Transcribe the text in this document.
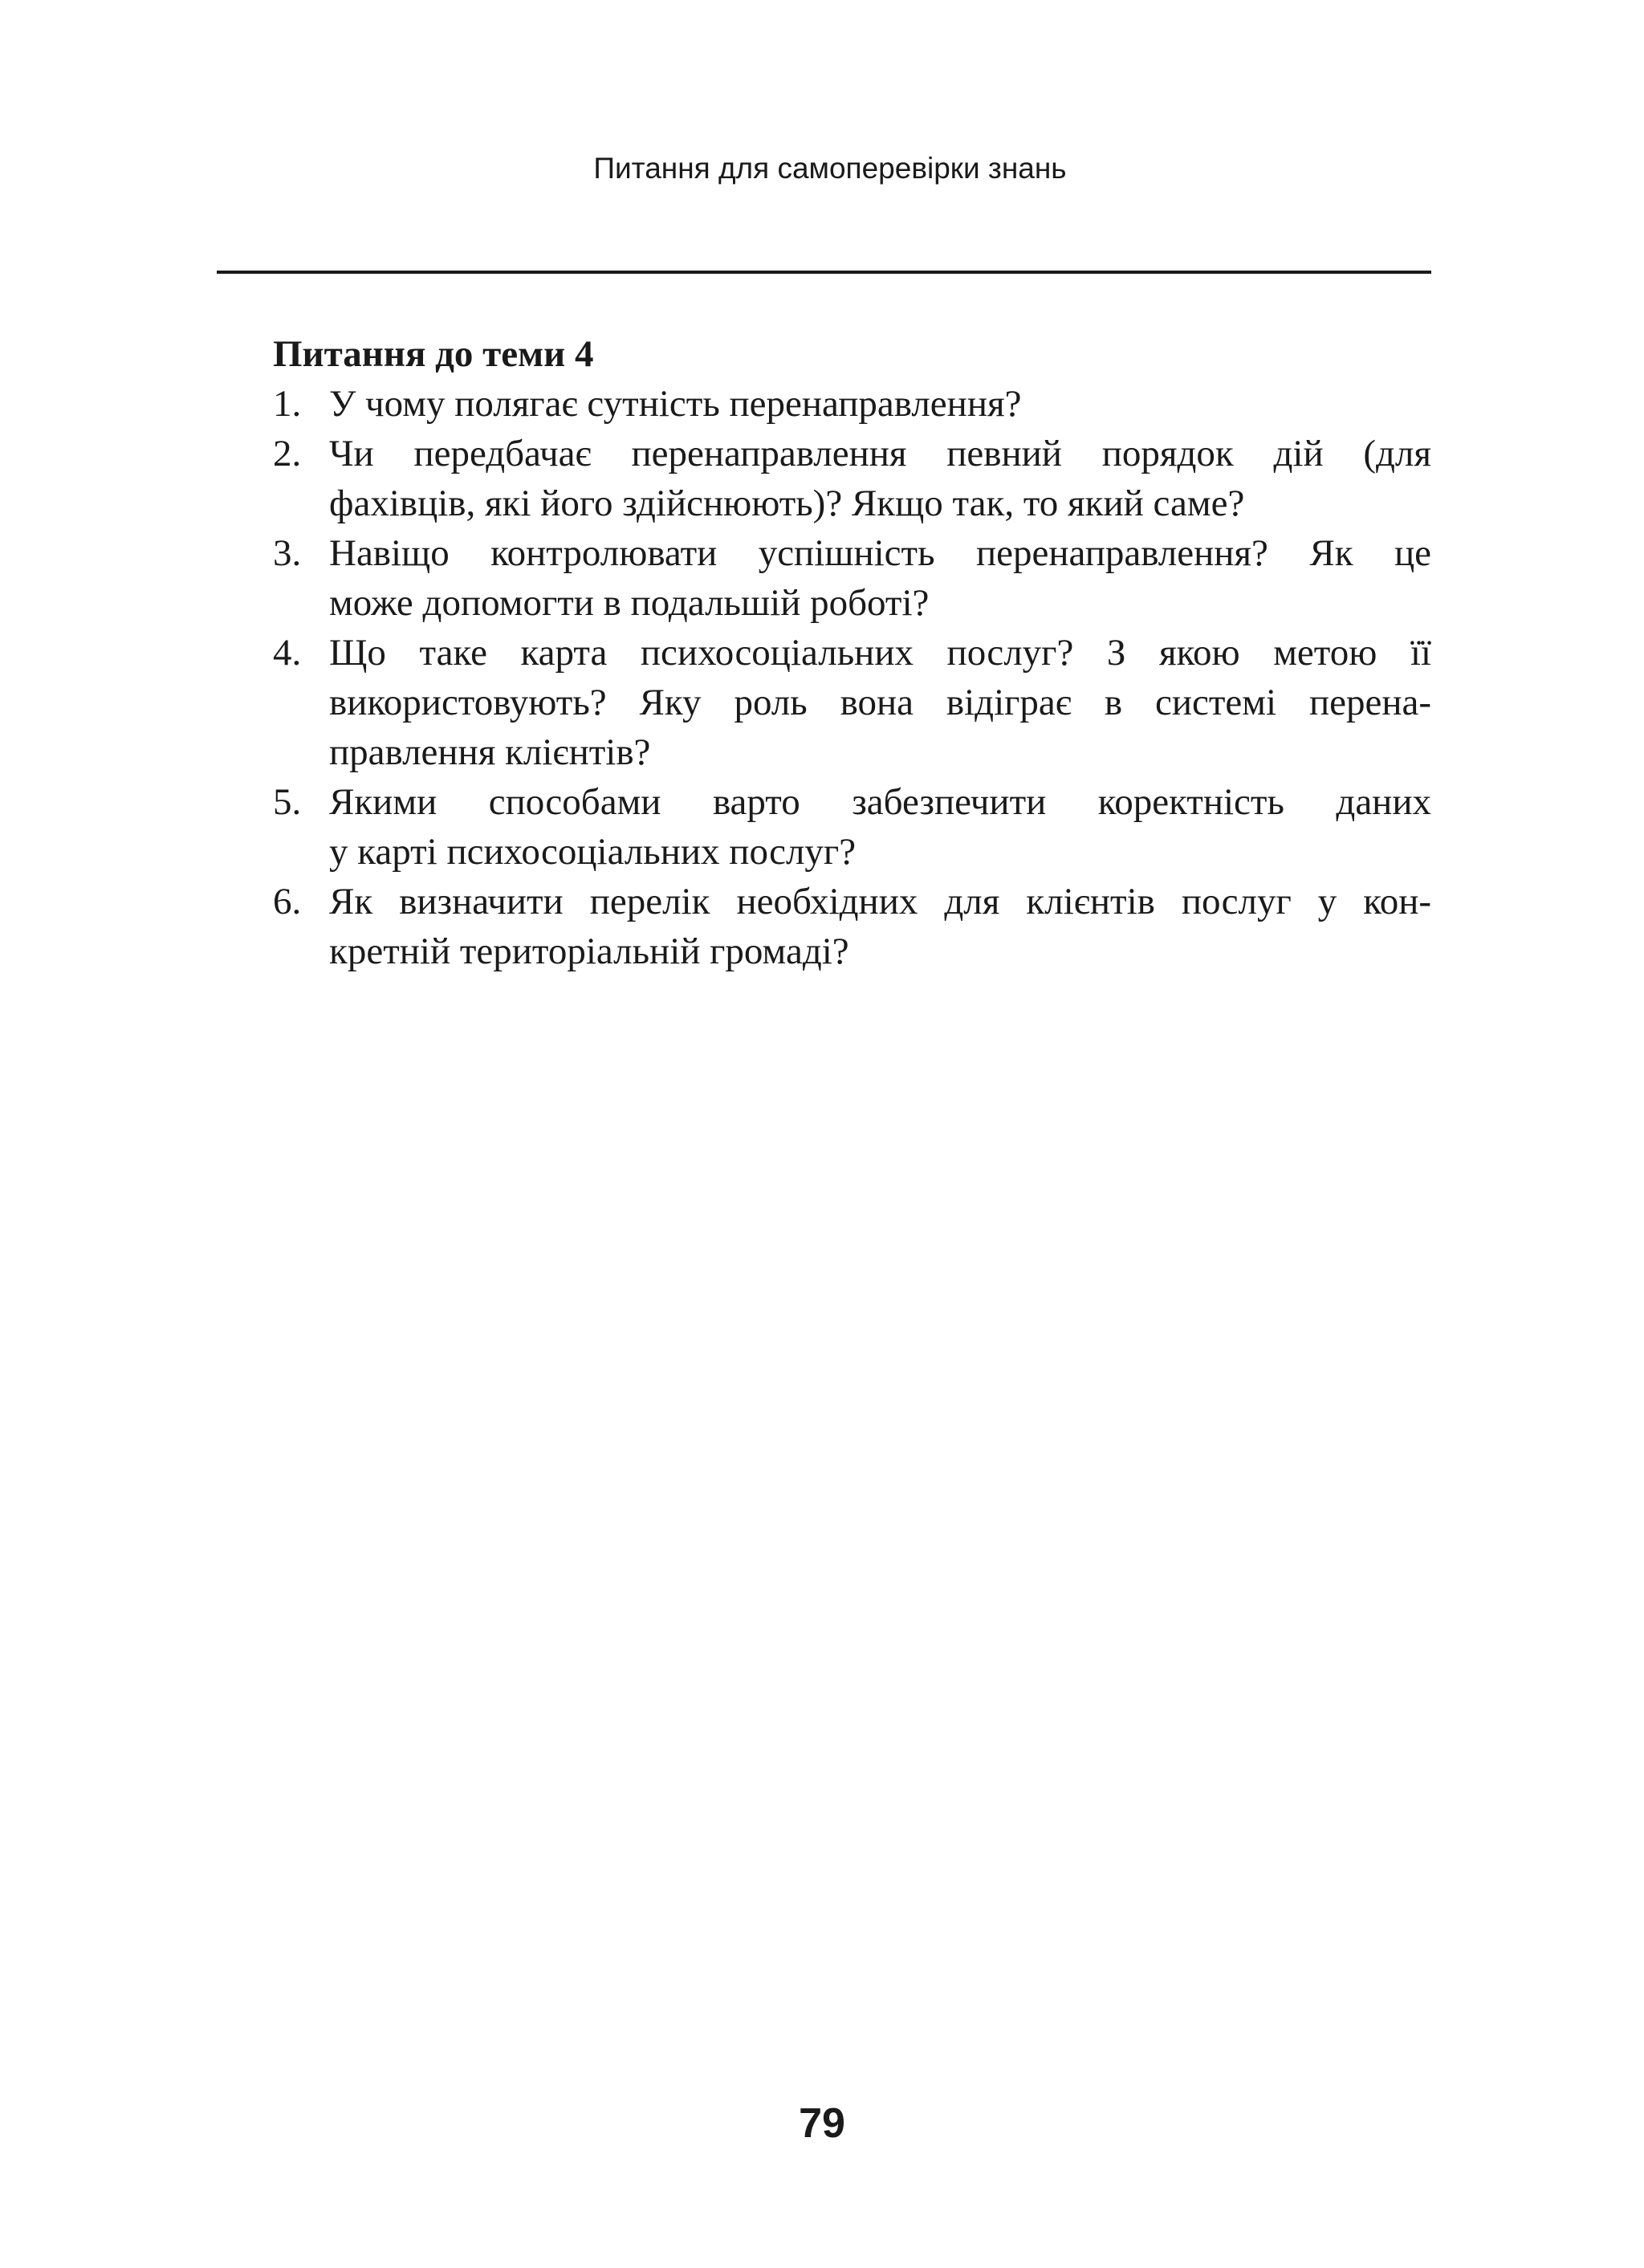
Питання для самоперевірки знань
Питання до теми 4
1. У чому полягає сутність перенаправлення?
2. Чи передбачає перенаправлення певний порядок дій (для
фахівців, які його здійснюють)? Якщо так, то який саме?
3. Навіщо контролювати успішність перенаправлення? Як це
може допомогти в подальшій роботі?
4. Що таке карта психосоціальних послуг? З якою метою її
використовують? Яку роль вона відіграє в системі перена-
правлення клієнтів?
5. Якими способами варто забезпечити коректність даних
у карті психосоціальних послуг?
6. Як визначити перелік необхідних для клієнтів послуг у кон-
кретній територіальній громаді?
79
